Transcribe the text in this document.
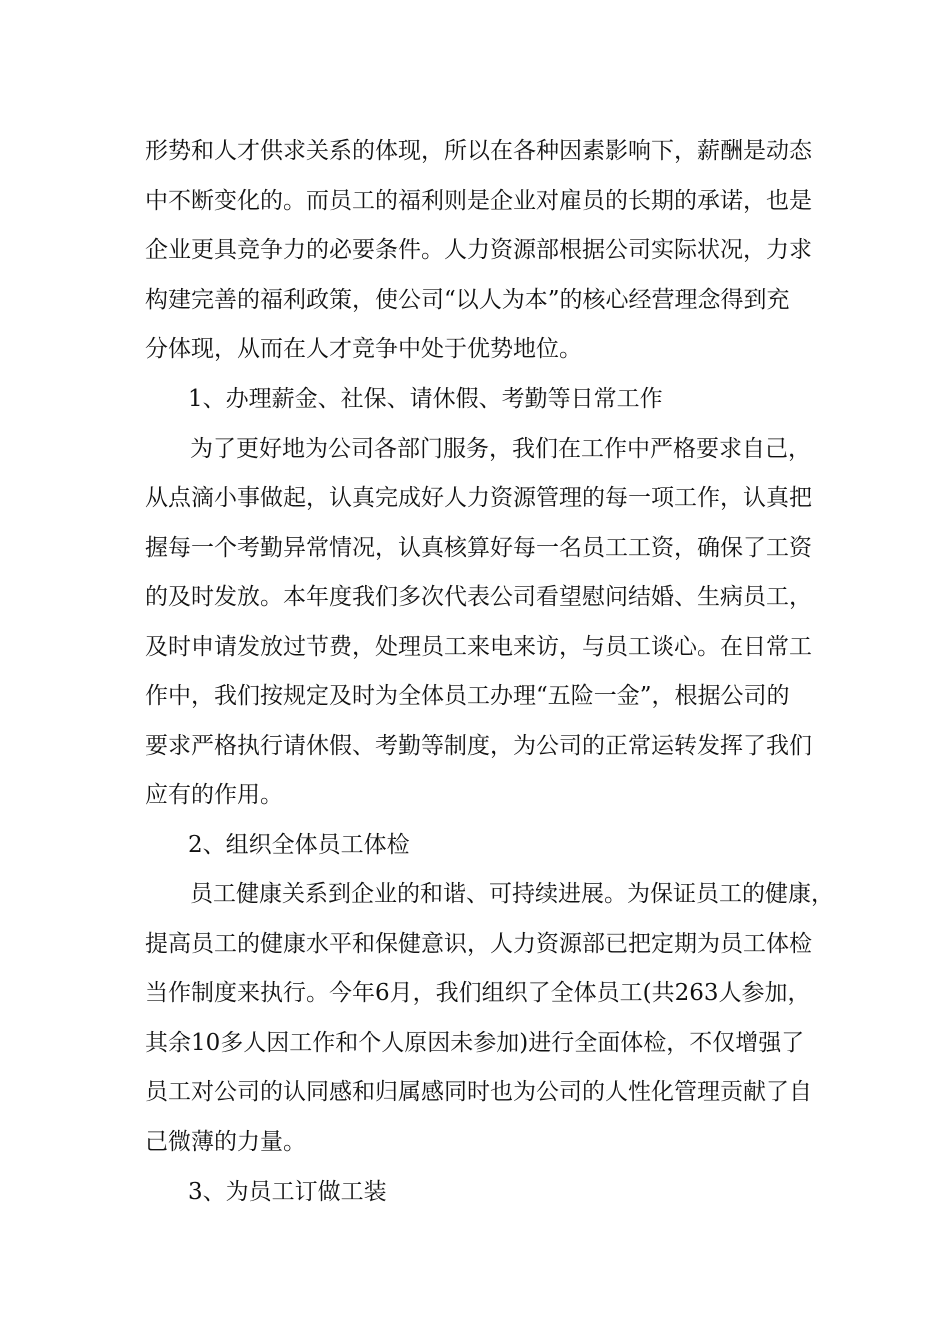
形势和人才供求关系的体现，所以在各种因素影响下，薪酬是动态
中不断变化的。而员工的福利则是企业对雇员的长期的承诺，也是
企业更具竞争力的必要条件。人力资源部根据公司实际状况，力求
构建完善的福利政策，使公司“以人为本”的核心经营理念得到充
分体现，从而在人才竞争中处于优势地位。
1、办理薪金、社保、请休假、考勤等日常工作
为了更好地为公司各部门服务，我们在工作中严格要求自己，
从点滴小事做起，认真完成好人力资源管理的每一项工作，认真把
握每一个考勤异常情况，认真核算好每一名员工工资，确保了工资
的及时发放。本年度我们多次代表公司看望慰问结婚、生病员工，
及时申请发放过节费，处理员工来电来访，与员工谈心。在日常工
作中，我们按规定及时为全体员工办理“五险一金”，根据公司的
要求严格执行请休假、考勤等制度，为公司的正常运转发挥了我们
应有的作用。
2、组织全体员工体检
员工健康关系到企业的和谐、可持续进展。为保证员工的健康，
提高员工的健康水平和保健意识，人力资源部已把定期为员工体检
当作制度来执行。今年6月，我们组织了全体员工(共263人参加，
其余10多人因工作和个人原因未参加)进行全面体检，不仅增强了
员工对公司的认同感和归属感同时也为公司的人性化管理贡献了自
己微薄的力量。
3、为员工订做工装
